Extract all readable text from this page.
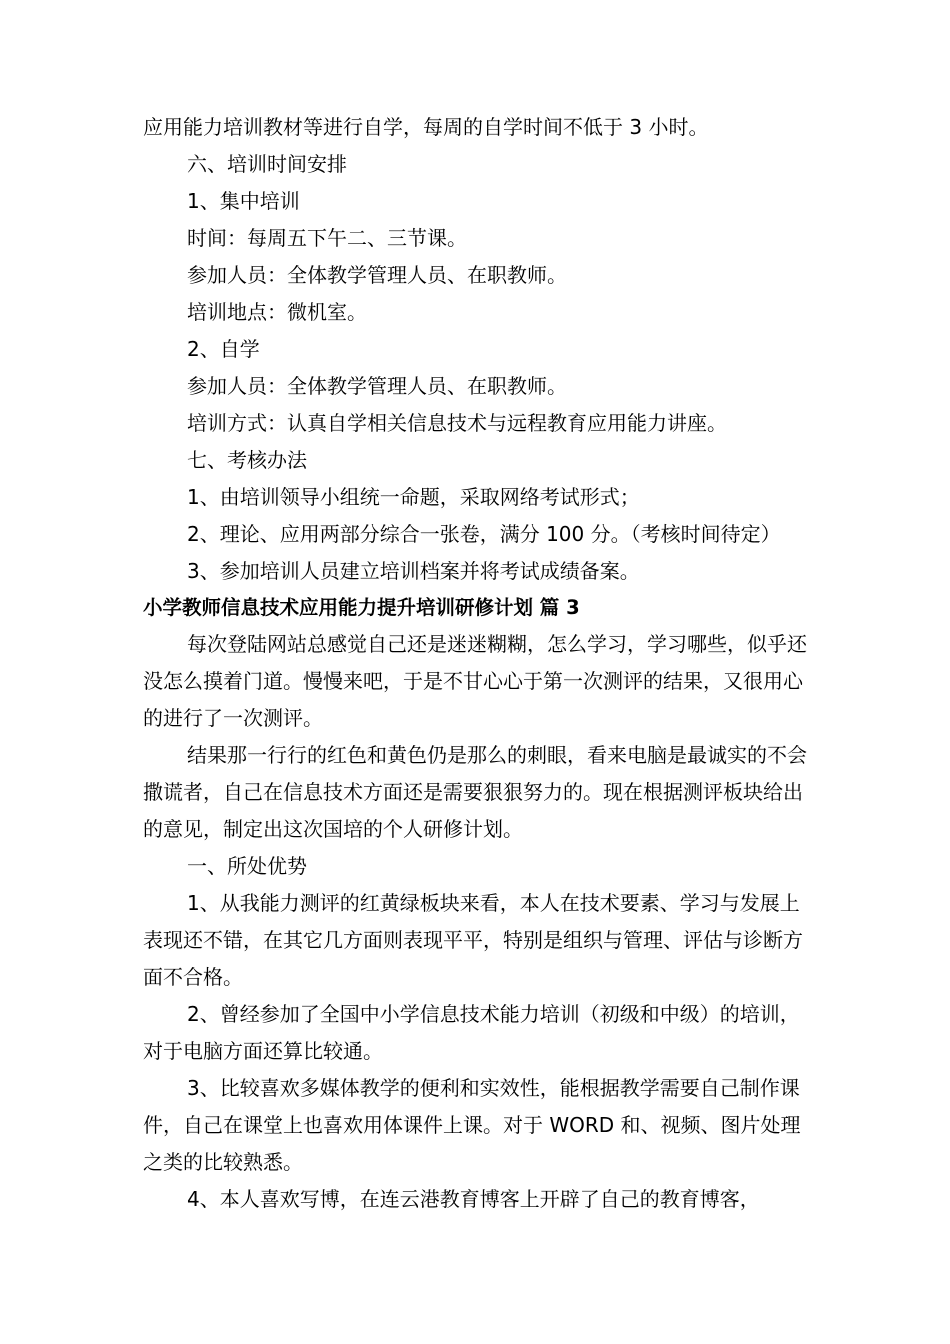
应用能力培训教材等进行自学，每周的自学时间不低于 3 小时。

六、培训时间安排

1、集中培训

时间：每周五下午二、三节课。

参加人员：全体教学管理人员、在职教师。

培训地点：微机室。

2、自学

参加人员：全体教学管理人员、在职教师。

培训方式：认真自学相关信息技术与远程教育应用能力讲座。

七、考核办法

1、由培训领导小组统一命题，采取网络考试形式；

2、理论、应用两部分综合一张卷，满分 100 分。（考核时间待定）

3、参加培训人员建立培训档案并将考试成绩备案。

小学教师信息技术应用能力提升培训研修计划 篇 3

每次登陆网站总感觉自己还是迷迷糊糊，怎么学习，学习哪些，似乎还没怎么摸着门道。慢慢来吧，于是不甘心心于第一次测评的结果，又很用心的进行了一次测评。

结果那一行行的红色和黄色仍是那么的刺眼，看来电脑是最诚实的不会撒谎者，自己在信息技术方面还是需要狠狠努力的。现在根据测评板块给出的意见，制定出这次国培的个人研修计划。

一、所处优势

1、从我能力测评的红黄绿板块来看，本人在技术要素、学习与发展上表现还不错，在其它几方面则表现平平，特别是组织与管理、评估与诊断方面不合格。

2、曾经参加了全国中小学信息技术能力培训（初级和中级）的培训，对于电脑方面还算比较通。

3、比较喜欢多媒体教学的便利和实效性，能根据教学需要自己制作课件，自己在课堂上也喜欢用体课件上课。对于 WORD 和、视频、图片处理之类的比较熟悉。

4、本人喜欢写博，在连云港教育博客上开辟了自己的教育博客，
